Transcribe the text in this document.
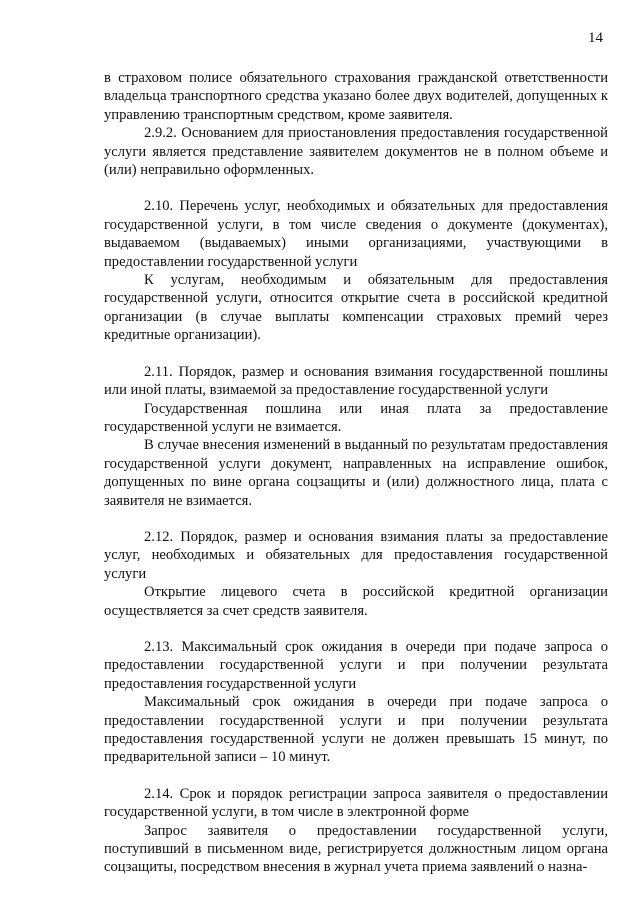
14

в страховом полисе обязательного страхования гражданской ответственности владельца транспортного средства указано более двух водителей, допущенных к управлению транспортным средством, кроме заявителя.

2.9.2. Основанием для приостановления предоставления государственной услуги является представление заявителем документов не в полном объеме и (или) неправильно оформленных.

2.10. Перечень услуг, необходимых и обязательных для предоставления государственной услуги, в том числе сведения о документе (документах), выдаваемом (выдаваемых) иными организациями, участвующими в предоставлении государственной услуги

К услугам, необходимым и обязательным для предоставления государственной услуги, относится открытие счета в российской кредитной организации (в случае выплаты компенсации страховых премий через кредитные организации).

2.11. Порядок, размер и основания взимания государственной пошлины или иной платы, взимаемой за предоставление государственной услуги

Государственная пошлина или иная плата за предоставление государственной услуги не взимается.

В случае внесения изменений в выданный по результатам предоставления государственной услуги документ, направленных на исправление ошибок, допущенных по вине органа соцзащиты и (или) должностного лица, плата с заявителя не взимается.

2.12. Порядок, размер и основания взимания платы за предоставление услуг, необходимых и обязательных для предоставления государственной услуги

Открытие лицевого счета в российской кредитной организации осуществляется за счет средств заявителя.

2.13. Максимальный срок ожидания в очереди при подаче запроса о предоставлении государственной услуги и при получении результата предоставления государственной услуги

Максимальный срок ожидания в очереди при подаче запроса о предоставлении государственной услуги и при получении результата предоставления государственной услуги не должен превышать 15 минут, по предварительной записи – 10 минут.

2.14. Срок и порядок регистрации запроса заявителя о предоставлении государственной услуги, в том числе в электронной форме

Запрос заявителя о предоставлении государственной услуги, поступивший в письменном виде, регистрируется должностным лицом органа соцзащиты, посредством внесения в журнал учета приема заявлений о назна-
